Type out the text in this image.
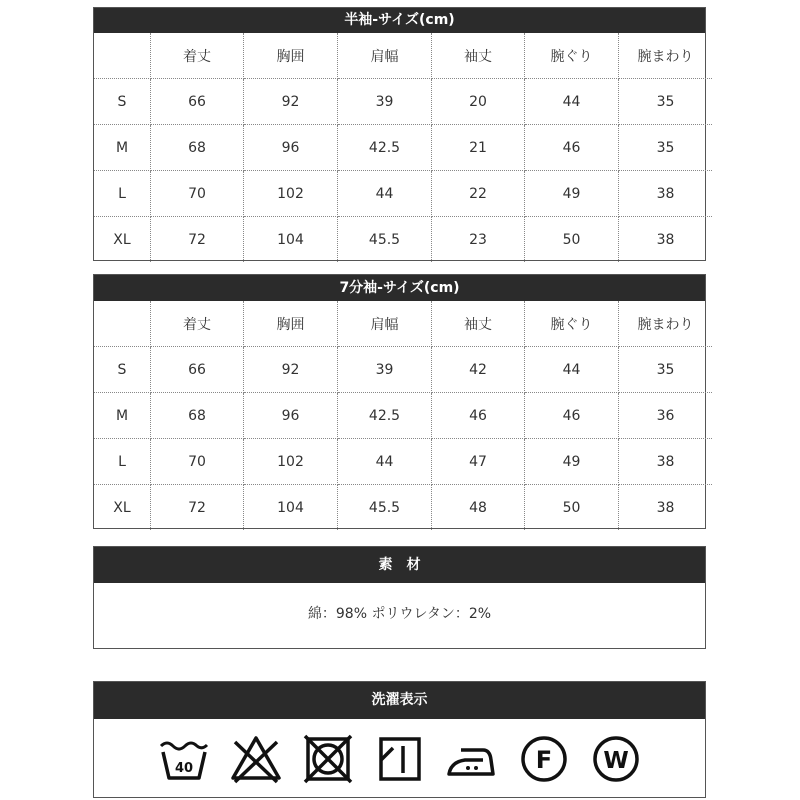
半袖-サイズ(cm)
	着丈	胸囲	肩幅	袖丈	腕ぐり	腕まわり
S	66	92	39	20	44	35
M	68	96	42.5	21	46	35
L	70	102	44	22	49	38
XL	72	104	45.5	23	50	38
7分袖-サイズ(cm)
	着丈	胸囲	肩幅	袖丈	腕ぐり	腕まわり
S	66	92	39	42	44	35
M	68	96	42.5	46	46	36
L	70	102	44	47	49	38
XL	72	104	45.5	48	50	38
素　材
綿：98% ポリウレタン：2%
洗濯表示
40	F W
